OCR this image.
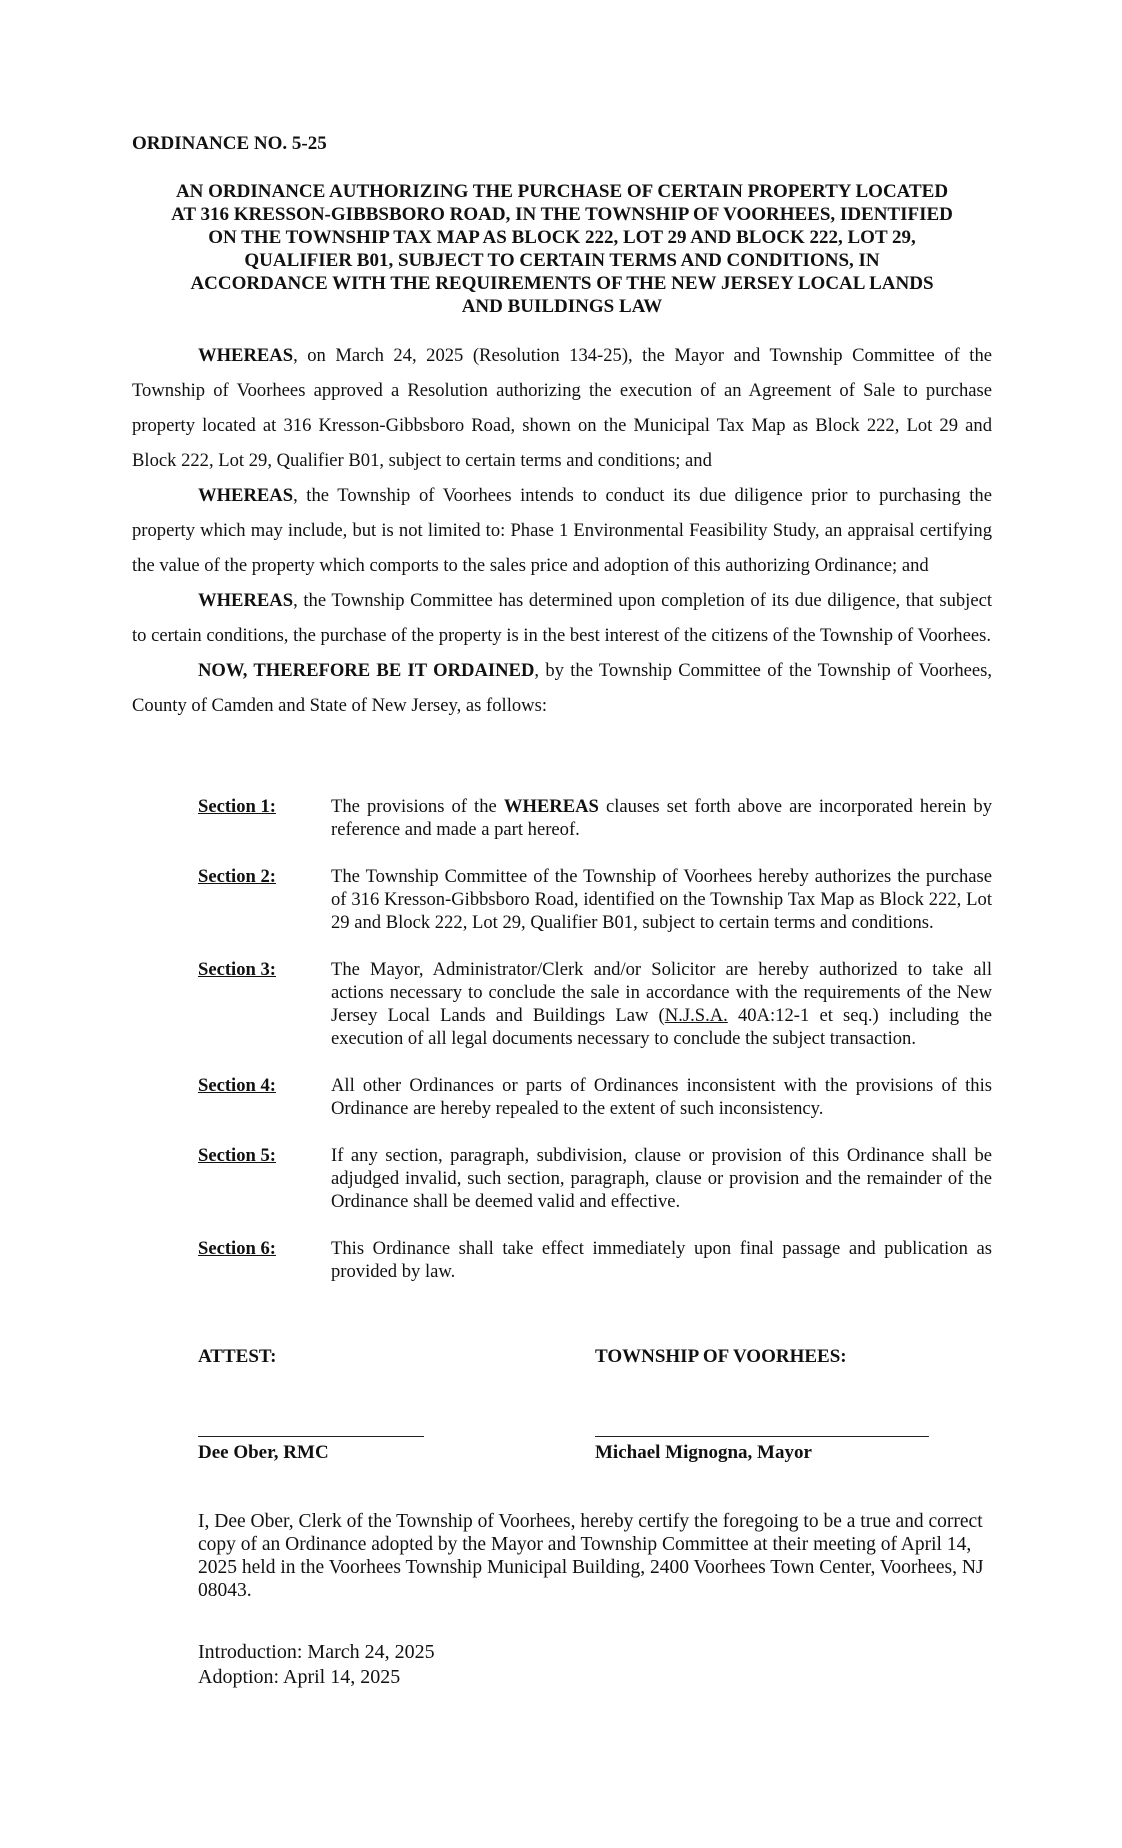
ORDINANCE NO. 5-25
AN ORDINANCE AUTHORIZING THE PURCHASE OF CERTAIN PROPERTY LOCATED
AT 316 KRESSON-GIBBSBORO ROAD, IN THE TOWNSHIP OF VOORHEES, IDENTIFIED
ON THE TOWNSHIP TAX MAP AS BLOCK 222, LOT 29 AND BLOCK 222, LOT 29,
QUALIFIER B01, SUBJECT TO CERTAIN TERMS AND CONDITIONS, IN
ACCORDANCE WITH THE REQUIREMENTS OF THE NEW JERSEY LOCAL LANDS
AND BUILDINGS LAW

WHEREAS, on March 24, 2025 (Resolution 134-25), the Mayor and Township Committee of the Township of Voorhees approved a Resolution authorizing the execution of an Agreement of Sale to purchase property located at 316 Kresson-Gibbsboro Road, shown on the Municipal Tax Map as Block 222, Lot 29 and Block 222, Lot 29, Qualifier B01, subject to certain terms and conditions; and

WHEREAS, the Township of Voorhees intends to conduct its due diligence prior to purchasing the property which may include, but is not limited to: Phase 1 Environmental Feasibility Study, an appraisal certifying the value of the property which comports to the sales price and adoption of this authorizing Ordinance; and

WHEREAS, the Township Committee has determined upon completion of its due diligence, that subject to certain conditions, the purchase of the property is in the best interest of the citizens of the Township of Voorhees.

NOW, THEREFORE BE IT ORDAINED, by the Township Committee of the Township of Voorhees, County of Camden and State of New Jersey, as follows:

Section 1:	The provisions of the WHEREAS clauses set forth above are incorporated herein by reference and made a part hereof.
Section 2:	The Township Committee of the Township of Voorhees hereby authorizes the purchase of 316 Kresson-Gibbsboro Road, identified on the Township Tax Map as Block 222, Lot 29 and Block 222, Lot 29, Qualifier B01, subject to certain terms and conditions.
Section 3:	The Mayor, Administrator/Clerk and/or Solicitor are hereby authorized to take all actions necessary to conclude the sale in accordance with the requirements of the New Jersey Local Lands and Buildings Law (N.J.S.A. 40A:12-1 et seq.) including the execution of all legal documents necessary to conclude the subject transaction.
Section 4:	All other Ordinances or parts of Ordinances inconsistent with the provisions of this Ordinance are hereby repealed to the extent of such inconsistency.
Section 5:	If any section, paragraph, subdivision, clause or provision of this Ordinance shall be adjudged invalid, such section, paragraph, clause or provision and the remainder of the Ordinance shall be deemed valid and effective.
Section 6:	This Ordinance shall take effect immediately upon final passage and publication as provided by law.
ATTEST:	TOWNSHIP OF VOORHEES:
Dee Ober, RMC	Michael Mignogna, Mayor
I, Dee Ober, Clerk of the Township of Voorhees, hereby certify the foregoing to be a true and correct copy of an Ordinance adopted by the Mayor and Township Committee at their meeting of April 14, 2025 held in the Voorhees Township Municipal Building, 2400 Voorhees Town Center, Voorhees, NJ 08043.
Introduction: March 24, 2025
Adoption: April 14, 2025
